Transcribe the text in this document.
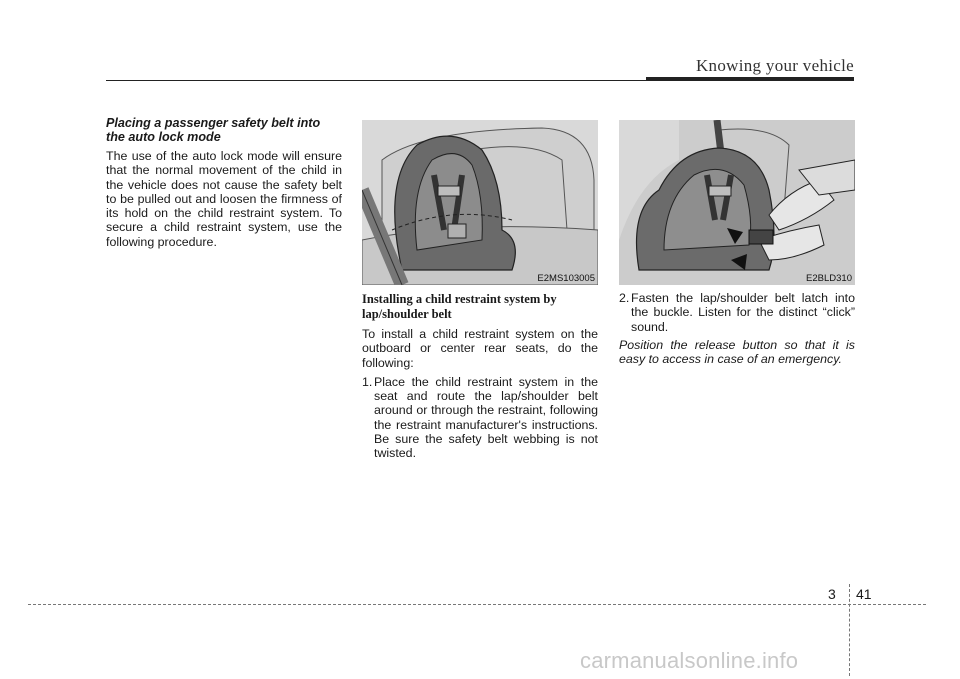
Knowing your vehicle
Placing a passenger safety belt into the auto lock mode

The use of the auto lock mode will ensure that the normal movement of the child in the vehicle does not cause the safety belt to be pulled out and loosen the firmness of its hold on the child restraint system. To secure a child restraint system, use the following procedure.

E2MS103005
Installing a child restraint system by lap/shoulder belt

To install a child restraint system on the outboard or center rear seats, do the following:

1. Place the child restraint system in the seat and route the lap/shoulder belt around or through the restraint, following the restraint manufacturer's instructions. Be sure the safety belt webbing is not twisted.
E2BLD310
2. Fasten the lap/shoulder belt latch into the buckle. Listen for the distinct “click” sound.
Position the release button so that it is easy to access in case of an emergency.
3 41
carmanualsonline.info
